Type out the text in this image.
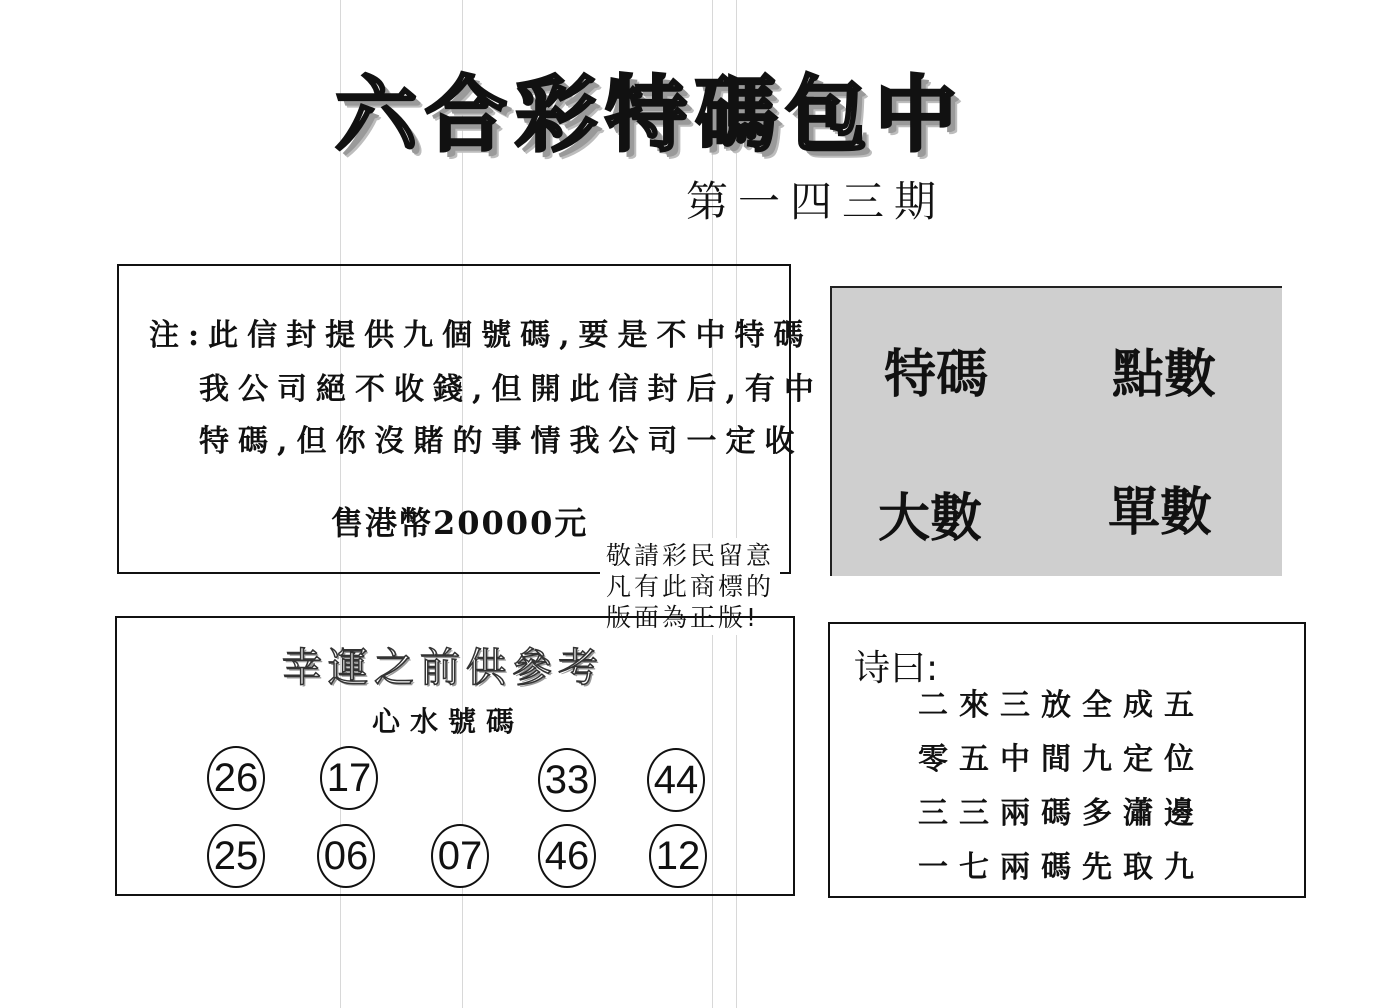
六合彩特碼包中
第一四三期
注:此信封提供九個號碼,要是不中特碼
我公司絕不收錢,但開此信封后,有中
特碼,但你沒賭的事情我公司一定收
售港幣20000元
特碼 點數
大數 單數
敬請彩民留意
凡有此商標的
版面為正版!
幸運之前供參考
心水號碼
26 17	33 44
25 06 07 46 12
诗曰:
二來三放全成五
零五中間九定位
三三兩碼多瀟邊
一七兩碼先取九
